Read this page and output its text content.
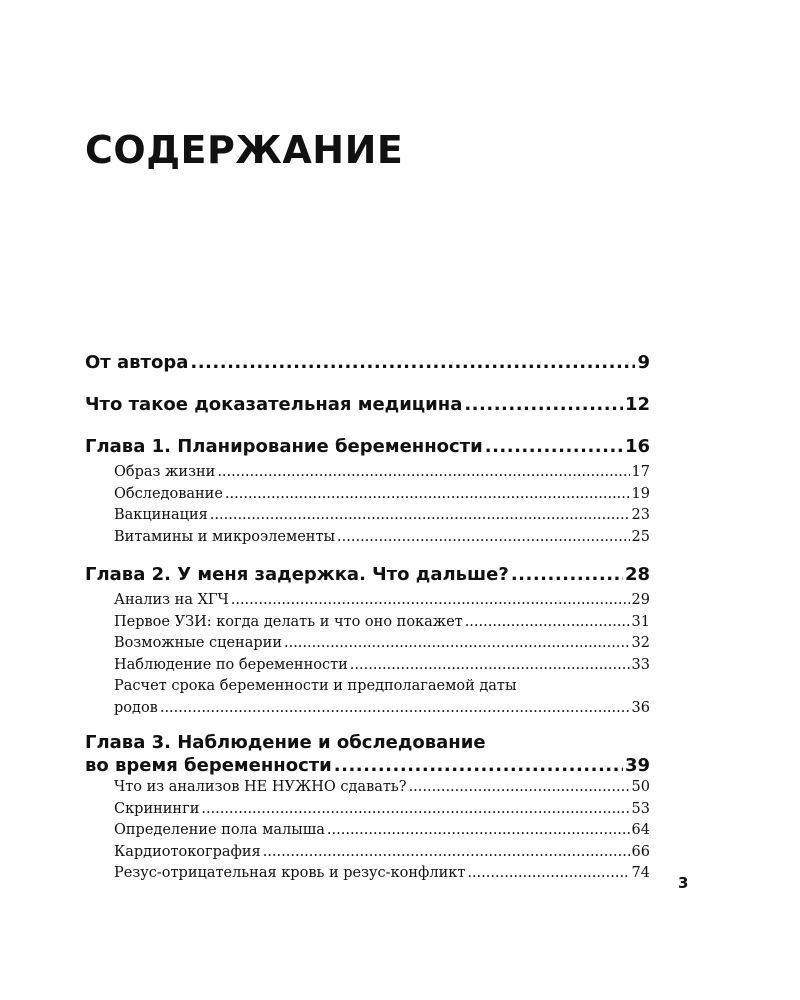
СОДЕРЖАНИЕ
От автора .....	9
Что такое доказательная медицина .....	12
Глава 1. Планирование беременности .....	16
Образ жизни .....	17
Обследование .....	19
Вакцинация .....	23
Витамины и микроэлементы .....	25
Глава 2. У меня задержка. Что дальше? .....	28
Анализ на ХГЧ .....	29
Первое УЗИ: когда делать и что оно покажет .....	31
Возможные сценарии .....	32
Наблюдение по беременности .....	33
Расчет срока беременности и предполагаемой даты
родов .....	36
Глава 3. Наблюдение и обследование
во время беременности .....	39
Что из анализов НЕ НУЖНО сдавать? .....	50
Скрининги .....	53
Определение пола малыша .....	64
Кардиотокография .....	66
Резус-отрицательная кровь и резус-конфликт .....	74
3
